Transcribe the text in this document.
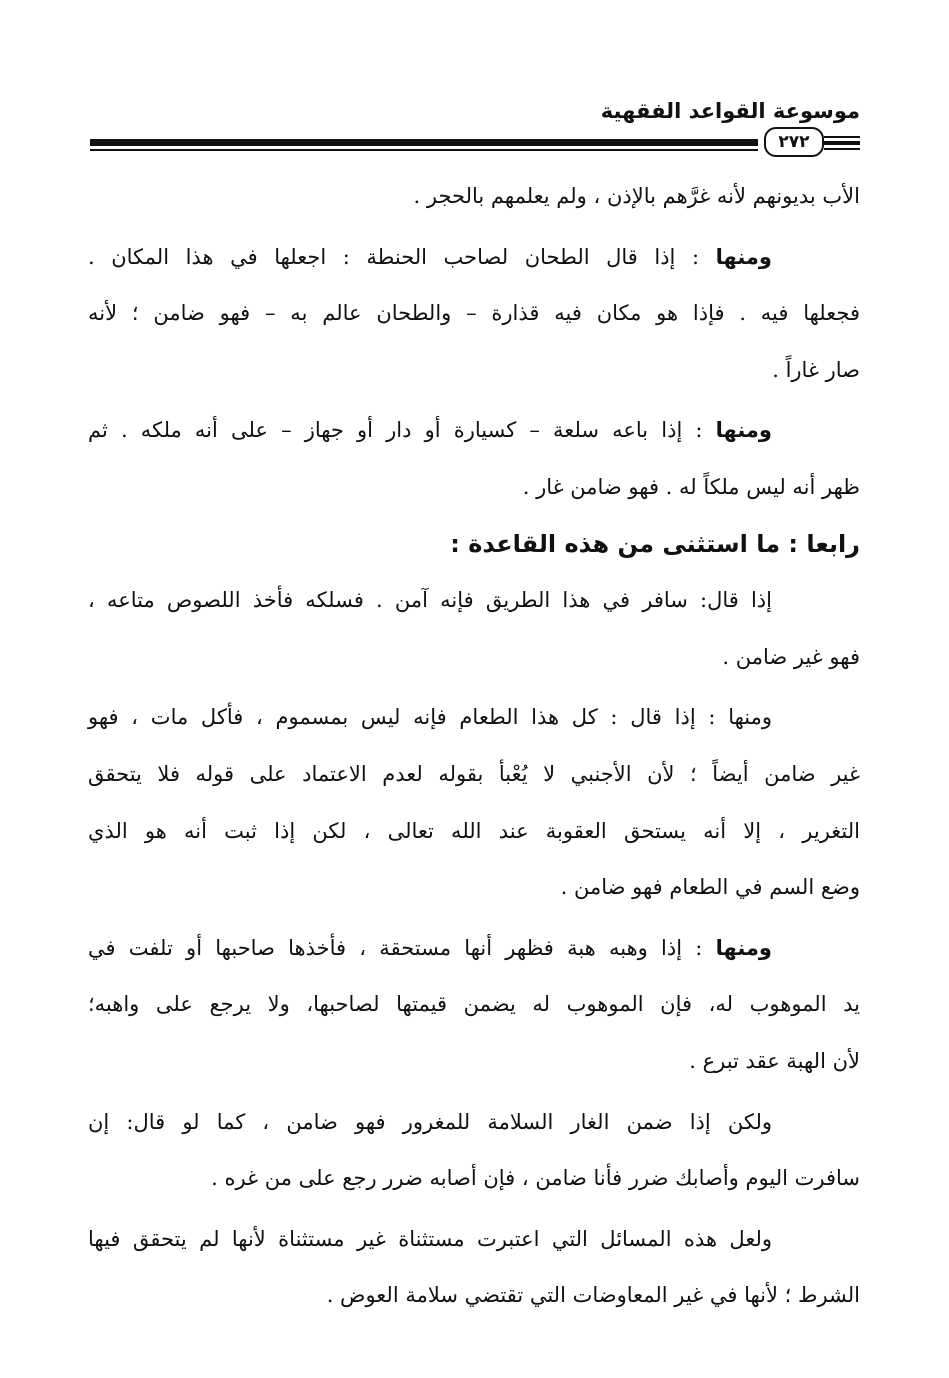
موسوعة القواعد الفقهية
٢٧٢

الأب بديونهم لأنه غرَّهم بالإذن ، ولم يعلمهم بالحجر .

ومنها : إذا قال الطحان لصاحب الحنطة : اجعلها في هذا المكان .

فجعلها فيه . فإذا هو مكان فيه قذارة – والطحان عالم به – فهو ضامن ؛ لأنه

صار غاراً .

ومنها : إذا باعه سلعة – كسيارة أو دار أو جهاز – على أنه ملكه . ثم

ظهر أنه ليس ملكاً له . فهو ضامن غار .

رابعا : ما استثنى من هذه القاعدة :

إذا قال: سافر في هذا الطريق فإنه آمن . فسلكه فأخذ اللصوص متاعه ،

فهو غير ضامن .

ومنها : إذا قال : كل هذا الطعام فإنه ليس بمسموم ، فأكل مات ، فهو

غير ضامن أيضاً ؛ لأن الأجنبي لا يُعْبأ بقوله لعدم الاعتماد على قوله فلا يتحقق

التغرير ، إلا أنه يستحق العقوبة عند الله تعالى ، لكن إذا ثبت أنه هو الذي

وضع السم في الطعام فهو ضامن .

ومنها : إذا وهبه هبة فظهر أنها مستحقة ، فأخذها صاحبها أو تلفت في

يد الموهوب له، فإن الموهوب له يضمن قيمتها لصاحبها، ولا يرجع على واهبه؛

لأن الهبة عقد تبرع .

ولكن إذا ضمن الغار السلامة للمغرور فهو ضامن ، كما لو قال: إن

سافرت اليوم وأصابك ضرر فأنا ضامن ، فإن أصابه ضرر رجع على من غره .

ولعل هذه المسائل التي اعتبرت مستثناة غير مستثناة لأنها لم يتحقق فيها

الشرط ؛ لأنها في غير المعاوضات التي تقتضي سلامة العوض .
